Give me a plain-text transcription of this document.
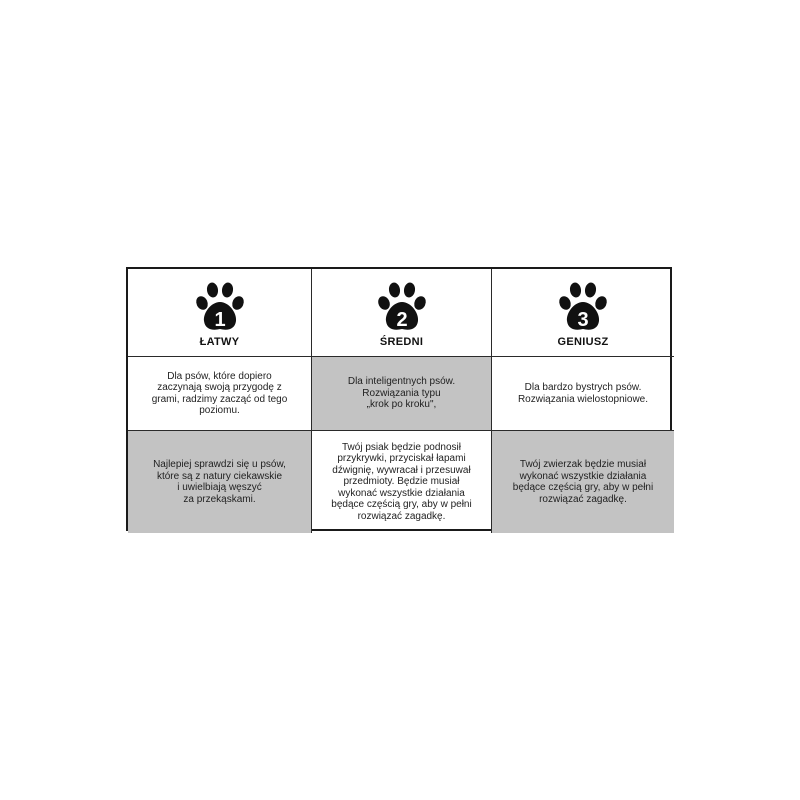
1
ŁATWY
2
ŚREDNI
3
GENIUSZ
Dla psów, które dopiero
zaczynają swoją przygodę z
grami, radzimy zacząć od tego
poziomu.
Dla inteligentnych psów.
Rozwiązania typu
„krok po kroku",
Dla bardzo bystrych psów.
Rozwiązania wielostopniowe.
Najlepiej sprawdzi się u psów,
które są z natury ciekawskie
i uwielbiają węszyć
za przekąskami.
Twój psiak będzie podnosił
przykrywki, przyciskał łapami
dźwignię, wywracał i przesuwał
przedmioty. Będzie musiał
wykonać wszystkie działania
będące częścią gry, aby w pełni
rozwiązać zagadkę.
Twój zwierzak będzie musiał
wykonać wszystkie działania
będące częścią gry, aby w pełni
rozwiązać zagadkę.
